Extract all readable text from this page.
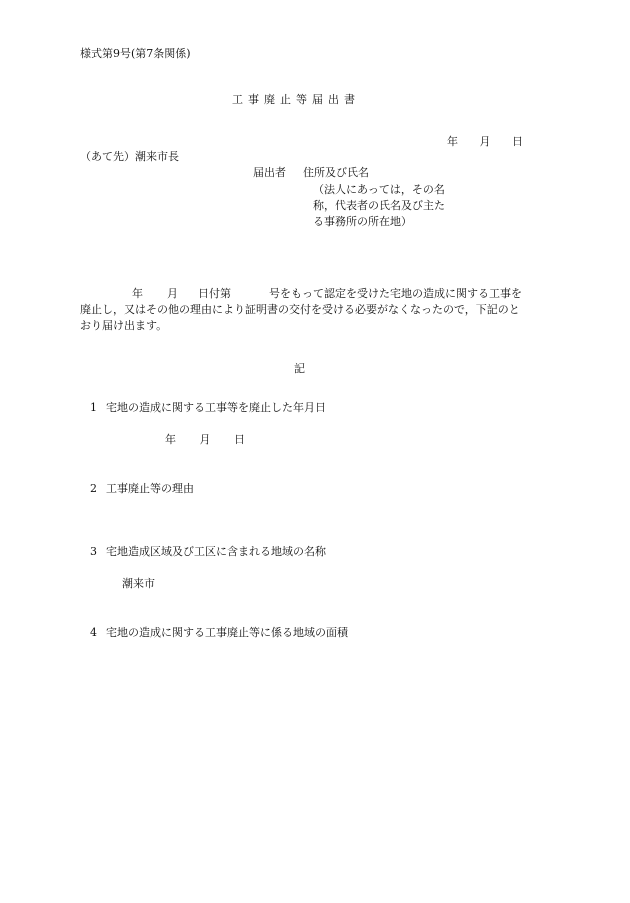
様式第9号(第7条関係)
工事廃止等届出書
年 月 日
（あて先）潮来市長
届出者 住所及び氏名
（法人にあっては，その名称，代表者の氏名及び主たる事務所の所在地）
年 月 日付第	号をもって認定を受けた宅地の造成に関する工事を廃止し，又はその他の理由により証明書の交付を受ける必要がなくなったので，下記のとおり届け出ます。
記
1 宅地の造成に関する工事等を廃止した年月日
年 月 日
2 工事廃止等の理由
3 宅地造成区域及び工区に含まれる地域の名称
潮来市
4 宅地の造成に関する工事廃止等に係る地域の面積
